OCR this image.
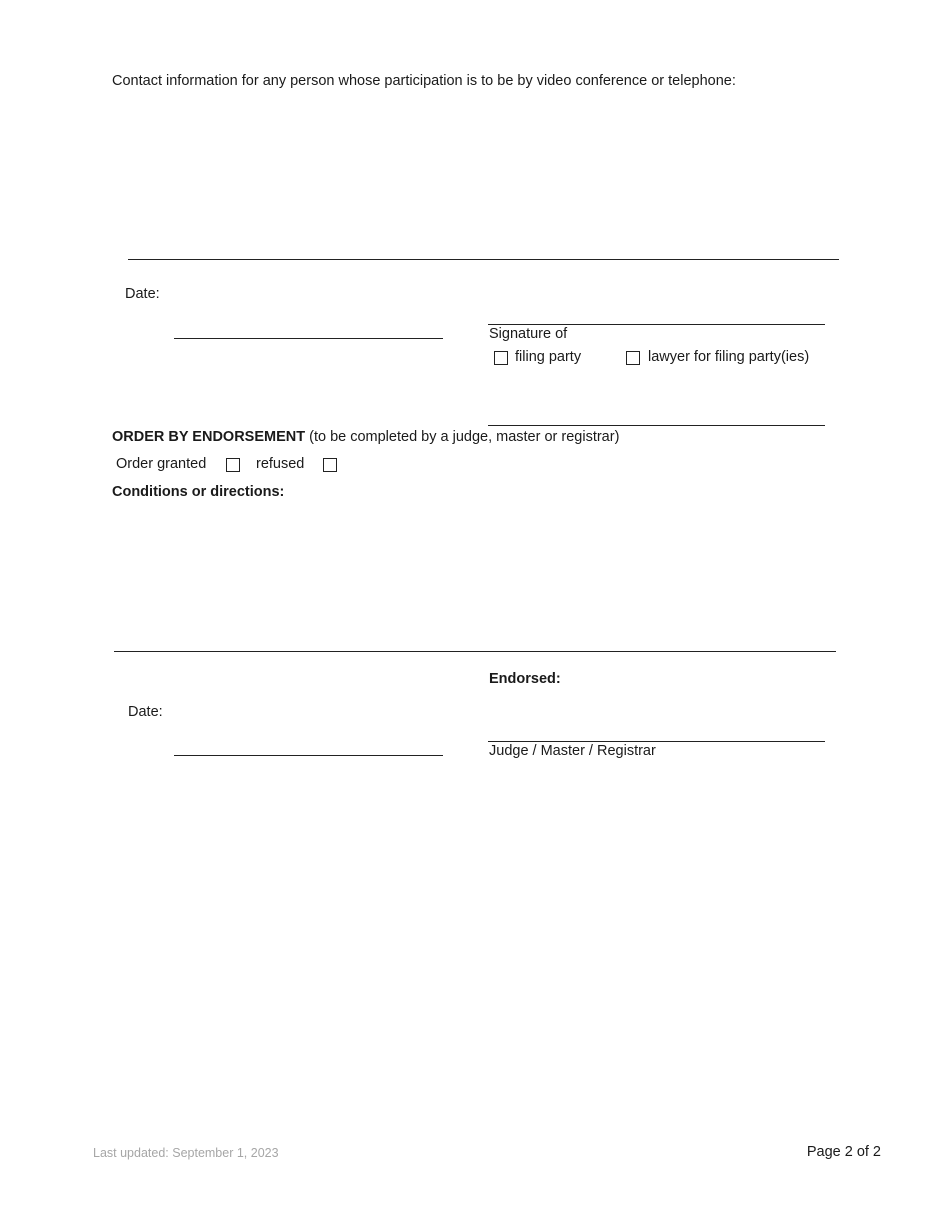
Contact information for any person whose participation is to be by video conference or telephone:
Date:
Signature of
filing party	lawyer for filing party(ies)
ORDER BY ENDORSEMENT (to be completed by a judge, master or registrar)
Order granted	refused
Conditions or directions:
Endorsed:
Date:
Judge / Master / Registrar
Last updated: September 1, 2023	Page 2 of 2
